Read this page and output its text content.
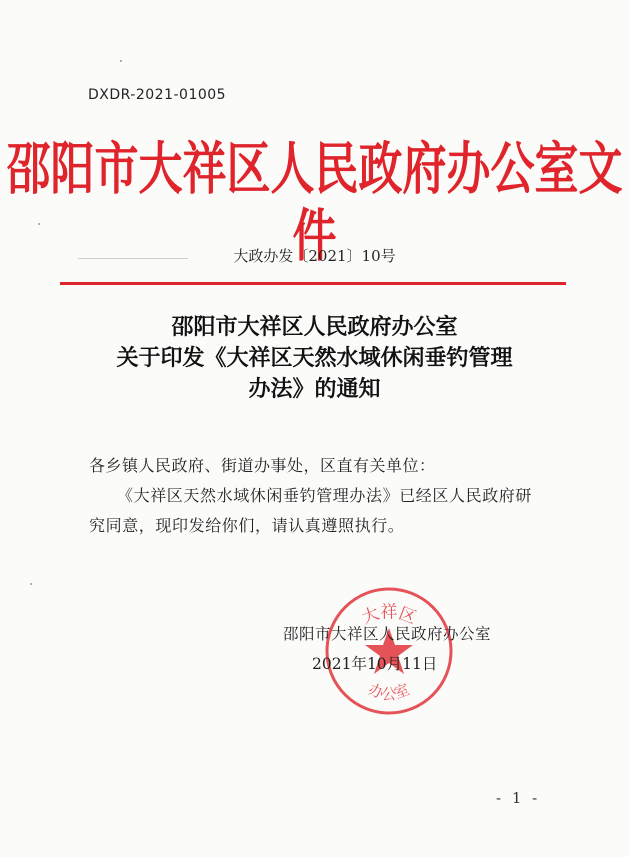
DXDR-2021-01005
邵阳市大祥区人民政府办公室文件
大政办发〔2021〕10号
邵阳市大祥区人民政府办公室
关于印发《大祥区天然水域休闲垂钓管理
办法》的通知
各乡镇人民政府、街道办事处，区直有关单位：
《大祥区天然水域休闲垂钓管理办法》已经区人民政府研
究同意，现印发给你们，请认真遵照执行。
大祥区
办公室
邵阳市大祥区人民政府办公室
2021年10月11日
- 1 -
